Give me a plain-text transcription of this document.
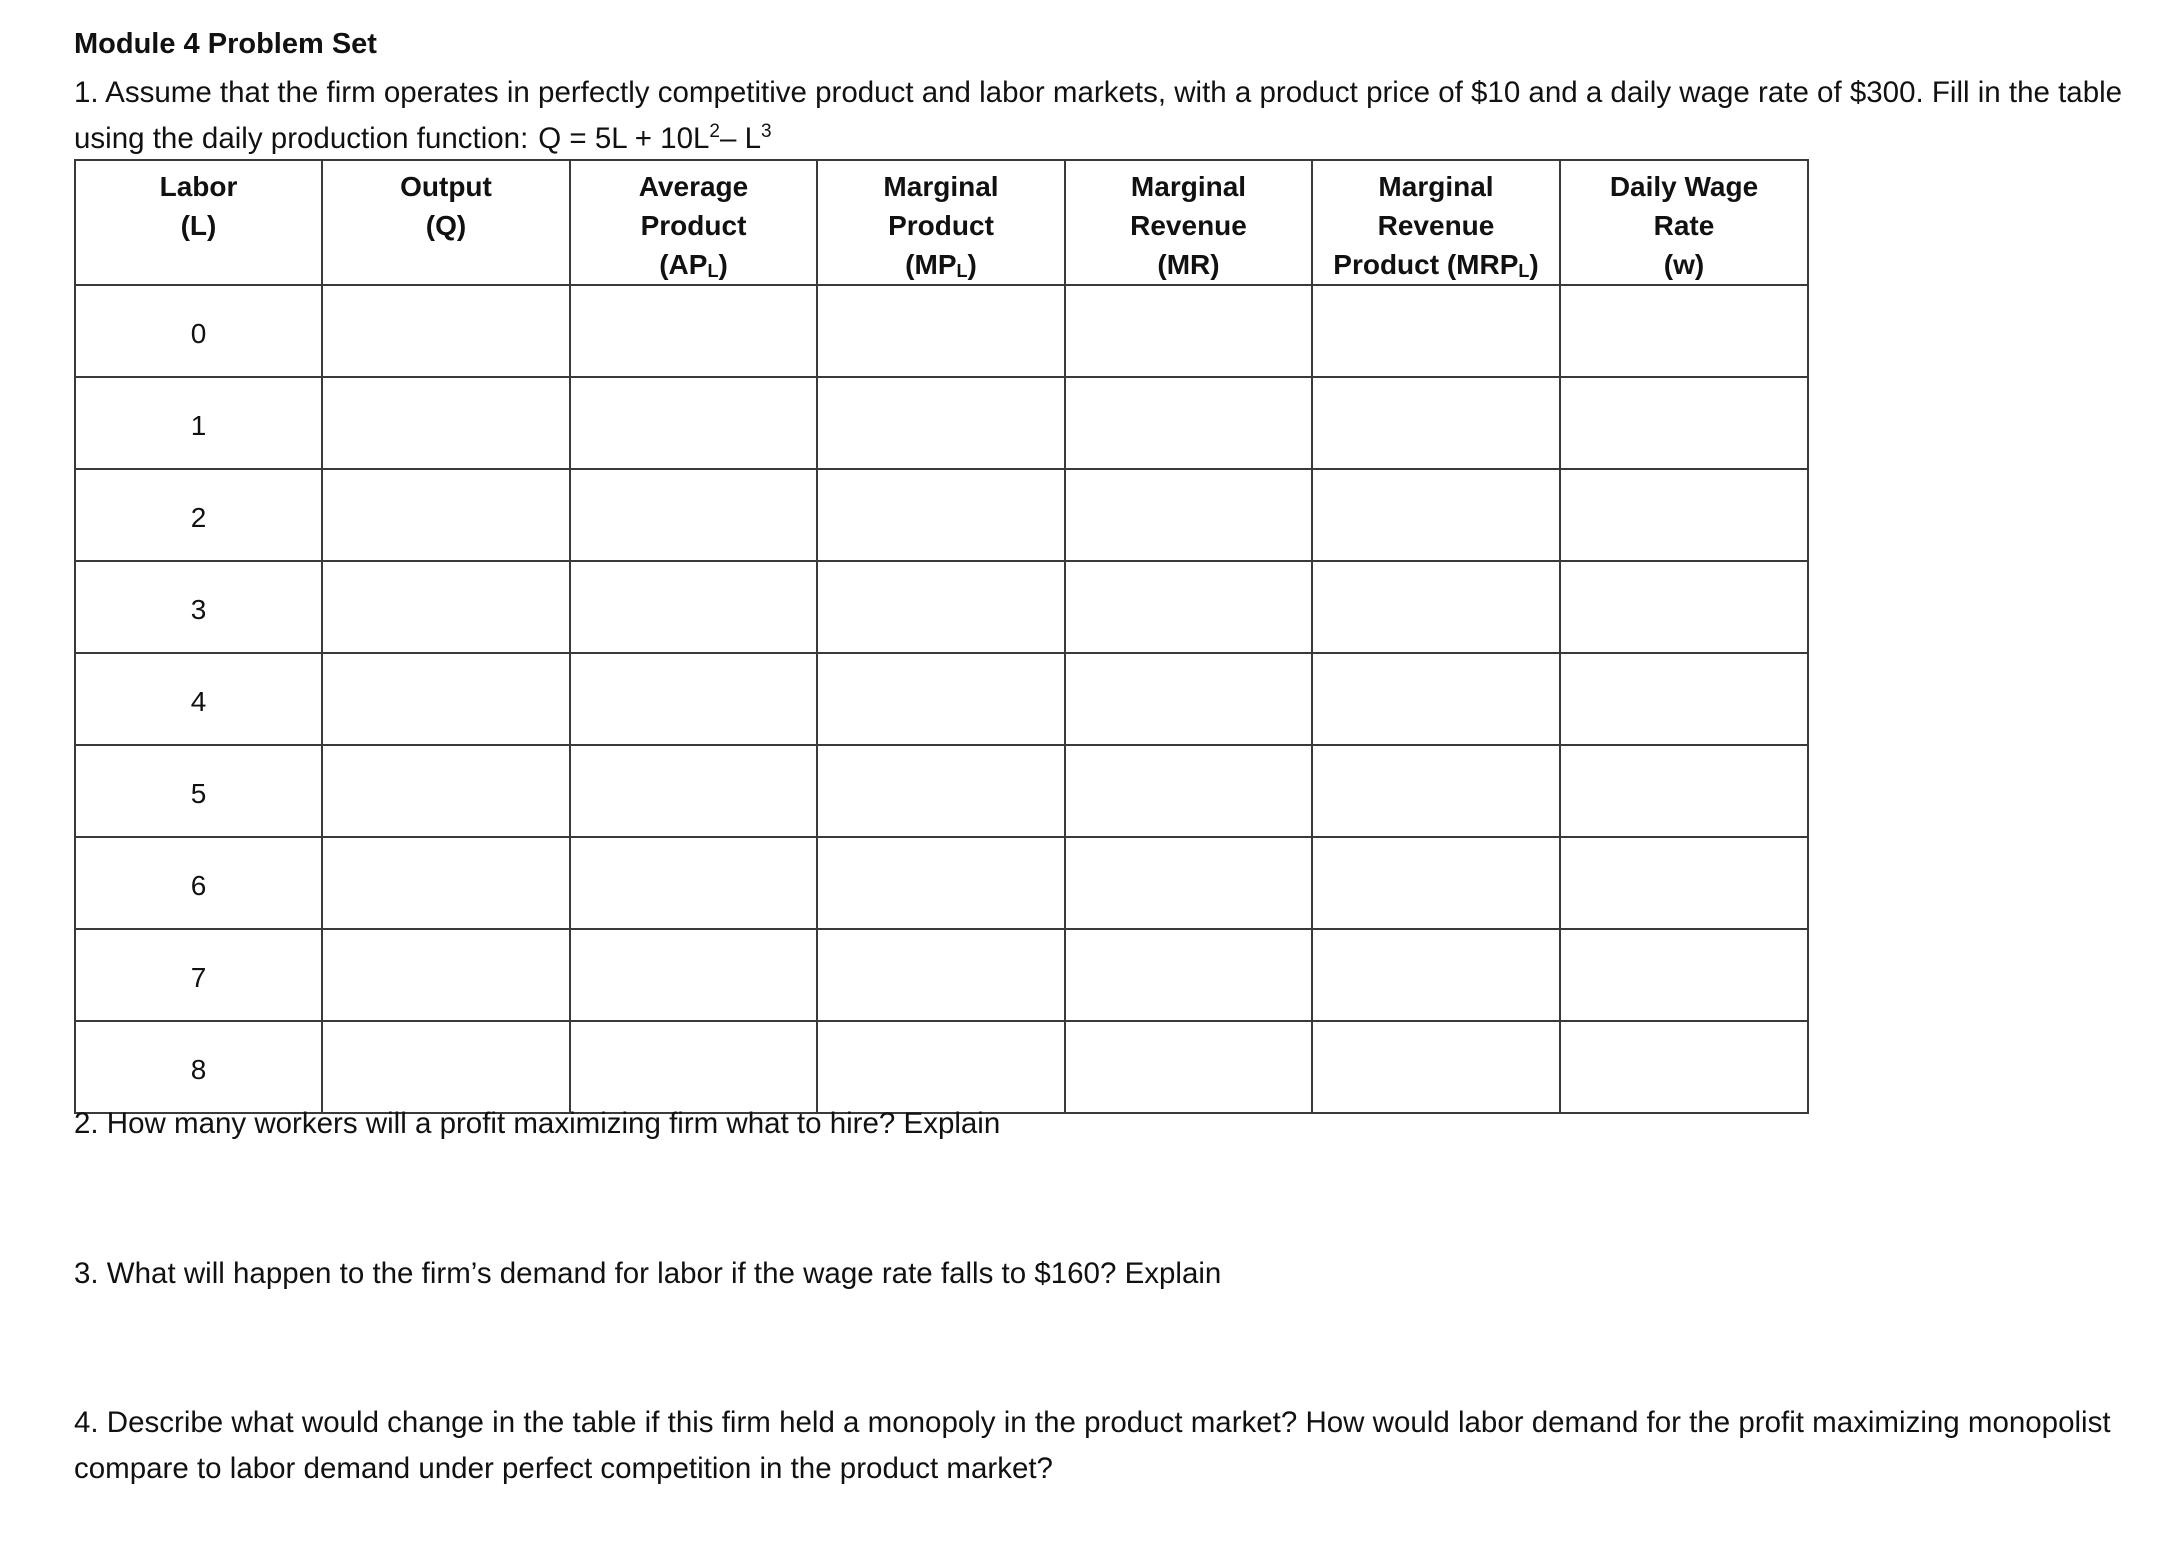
Module 4 Problem Set
1. Assume that the firm operates in perfectly competitive product and labor markets, with a product price of $10 and a daily wage rate of $300. Fill in the table
using the daily production function: $Q = 5L + 10L^2-$ $L^3$
Labor
(L)	Output
(Q)	Average
Product
$(AP_L)$	Marginal
Product
$(MP_L)$	Marginal
Revenue
(MR)	Marginal
Revenue
Product $(MRP_L)$	Daily Wage
Rate
(w)

0						
1						
2						
3						
4						
5						
6						
7						
8						
2. How many workers will a profit maximizing firm what to hire? Explain
3. What will happen to the firm’s demand for labor if the wage rate falls to $160? Explain
4. Describe what would change in the table if this firm held a monopoly in the product market? How would labor demand for the profit maximizing monopolist
compare to labor demand under perfect competition in the product market?
